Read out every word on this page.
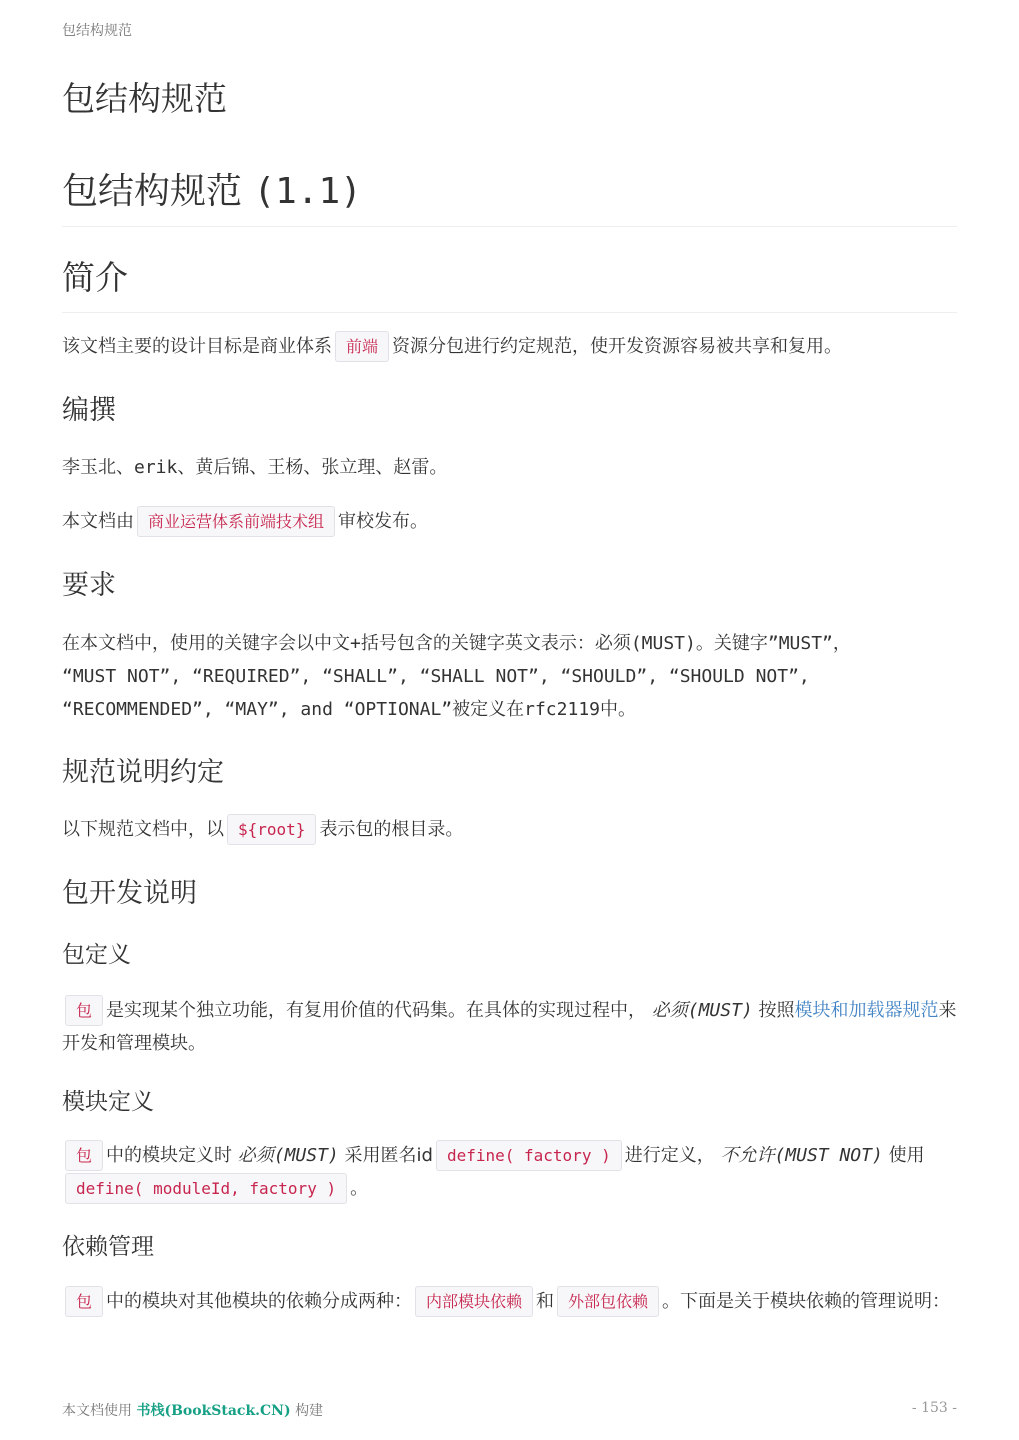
包结构规范
包结构规范
包结构规范 (1.1)
简介

该文档主要的设计目标是商业体系 前端 资源分包进行约定规范，使开发资源容易被共享和复用。

编撰

李玉北、erik、黄后锦、王杨、张立理、赵雷。

本文档由 商业运营体系前端技术组 审校发布。

要求

在本文档中，使用的关键字会以中文+括号包含的关键字英文表示：必须(MUST)。关键字”MUST”，
“MUST NOT”, “REQUIRED”, “SHALL”, “SHALL NOT”, “SHOULD”, “SHOULD NOT”,
“RECOMMENDED”, “MAY”, and “OPTIONAL”被定义在rfc2119中。

规范说明约定

以下规范文档中，以 ${root} 表示包的根目录。

包开发说明
包定义

包 是实现某个独立功能，有复用价值的代码集。在具体的实现过程中， 必须(MUST) 按照模块和加载器规范来开发和管理模块。

模块定义

包 中的模块定义时 必须(MUST) 采用匿名id define( factory ) 进行定义， 不允许(MUST NOT) 使用define( moduleId, factory ) 。

依赖管理

包 中的模块对其他模块的依赖分成两种： 内部模块依赖 和 外部包依赖 。下面是关于模块依赖的管理说明：

本文档使用 书栈(BookStack.CN) 构建	- 153 -
